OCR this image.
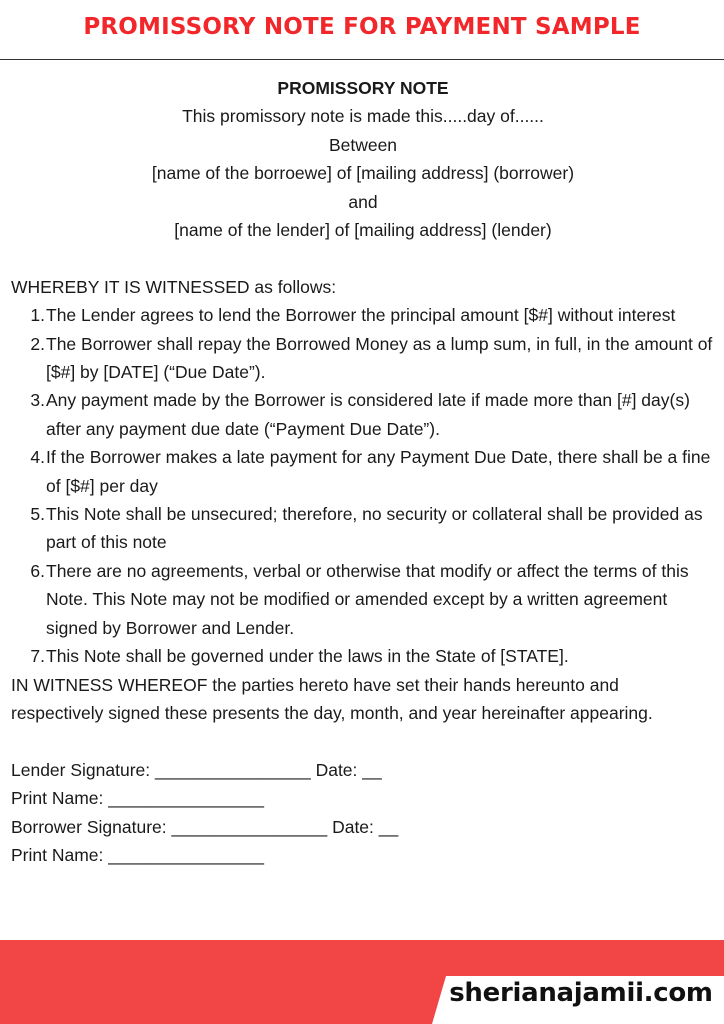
PROMISSORY NOTE FOR PAYMENT SAMPLE
PROMISSORY NOTE
This promissory note is made this.....day of......
Between
[name of the borroewe] of [mailing address] (borrower)
and
[name of the lender] of [mailing address] (lender)
WHEREBY IT IS WITNESSED as follows:
1. The Lender agrees to lend the Borrower the principal amount [$#] without interest
2. The Borrower shall repay the Borrowed Money as a lump sum, in full, in the amount of [$#] by [DATE] (“Due Date”).
3. Any payment made by the Borrower is considered late if made more than [#] day(s) after any payment due date (“Payment Due Date”).
4. If the Borrower makes a late payment for any Payment Due Date, there shall be a fine of [$#] per day
5. This Note shall be unsecured; therefore, no security or collateral shall be provided as part of this note
6. There are no agreements, verbal or otherwise that modify or affect the terms of this Note. This Note may not be modified or amended except by a written agreement signed by Borrower and Lender.
7. This Note shall be governed under the laws in the State of [STATE].
IN WITNESS WHEREOF the parties hereto have set their hands hereunto and respectively signed these presents the day, month, and year hereinafter appearing.
Lender Signature: ________________ Date: __
Print Name: ________________
Borrower Signature: ________________ Date: __
Print Name: ________________
sherianajamii.com
